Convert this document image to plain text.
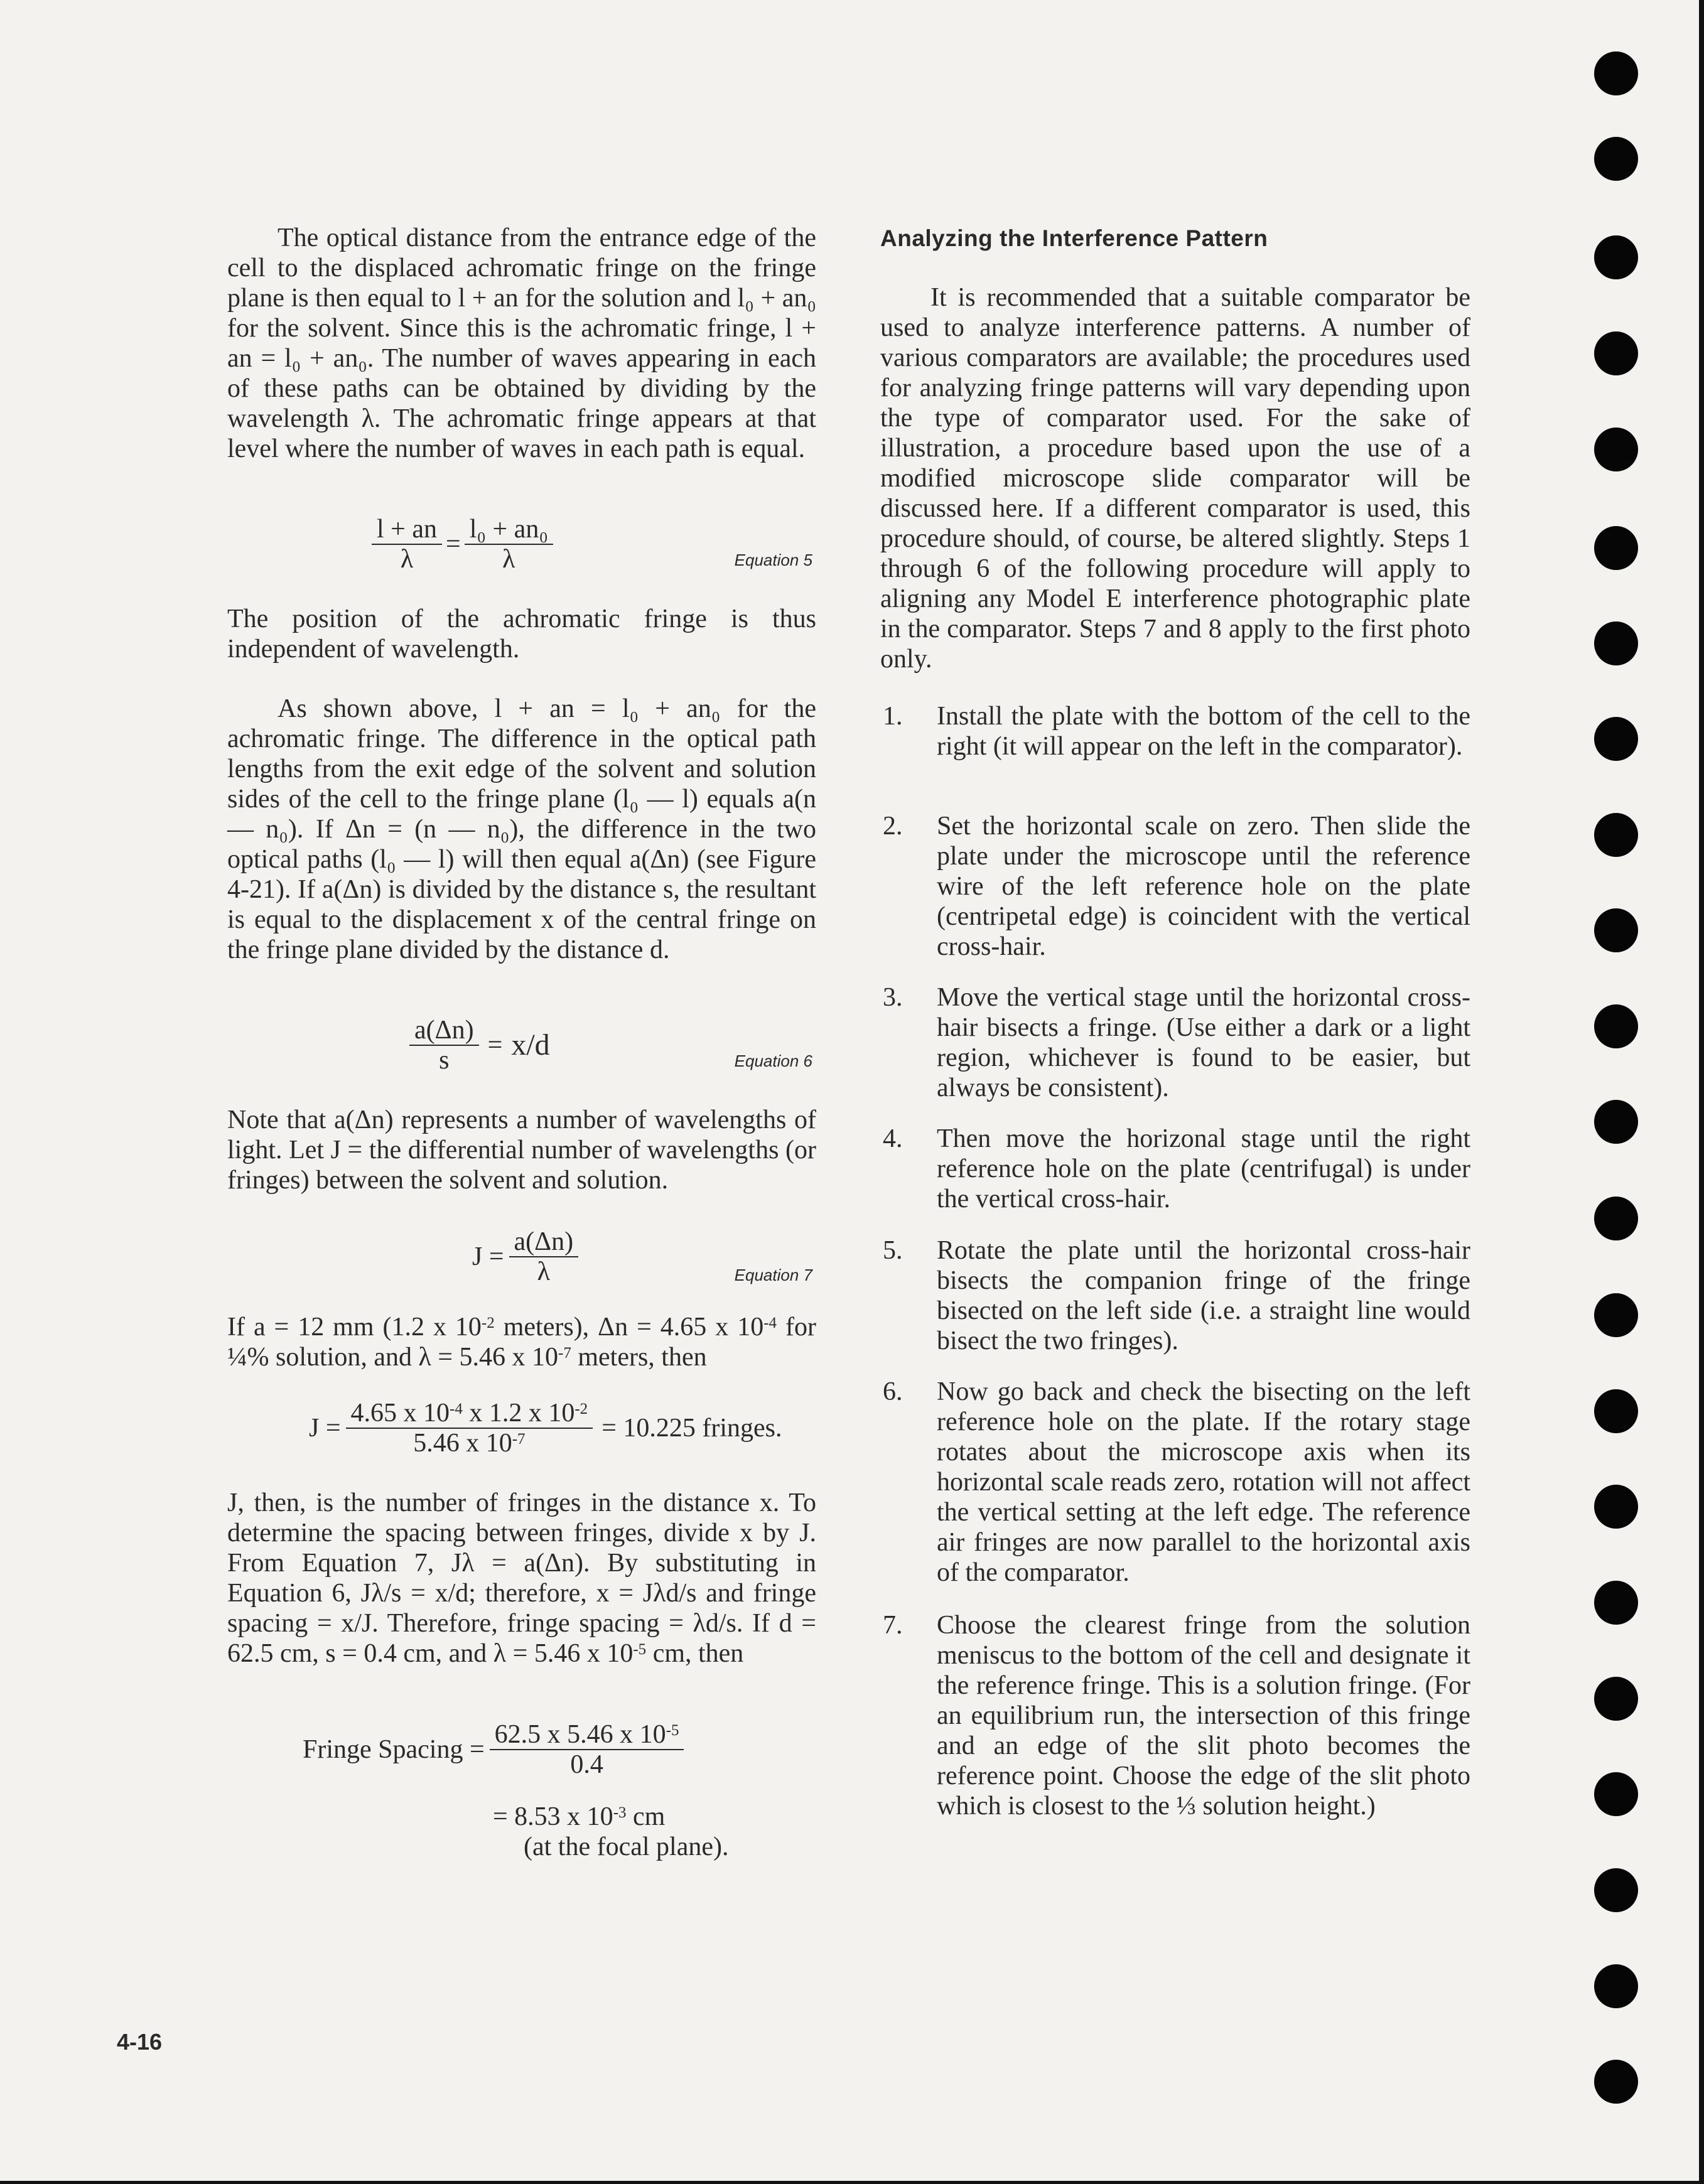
The optical distance from the entrance edge of the cell to the displaced achromatic fringe on the fringe plane is then equal to l + an for the solution and l₀ + an₀ for the solvent. Since this is the achromatic fringe, l + an = l₀ + an₀. The number of waves appearing in each of these paths can be obtained by dividing by the wavelength λ. The achromatic fringe appears at that level where the number of waves in each path is equal.

$\frac{l + an}{\lambda} = \frac{\text{l₀ + an₀}}{\lambda}$	Equation 5

The position of the achromatic fringe is thus independent of wavelength.

As shown above, l + an = l₀ + an₀ for the achromatic fringe. The difference in the optical path lengths from the exit edge of the solvent and solution sides of the cell to the fringe plane (l₀ — l) equals a(n — n₀). If Δn = (n — n₀), the difference in the two optical paths (l₀ — l) will then equal a(Δn) (see Figure 4-21). If a(Δn) is divided by the distance s, the resultant is equal to the displacement x of the central fringe on the fringe plane divided by the distance d.

$\frac{a(\Delta n)}{s} = x/d$	Equation 6

Note that a(Δn) represents a number of wavelengths of light. Let J = the differential number of wavelengths (or fringes) between the solvent and solution.

$J = \frac{a(\Delta n)}{\lambda}$	Equation 7

If a = 12 mm (1.2 x $10^{-2}$ meters), Δn = 4.65 x $10^{-4}$ for ¼% solution, and λ = 5.46 x $10^{-7}$ meters, then

$J = \frac{4.65 x 10^{-4} x 1.2 x 10^{-2}}{5.46 x 10^{-7}} = 10.225$ fringes.

J, then, is the number of fringes in the distance x. To determine the spacing between fringes, divide x by J. From Equation 7, Jλ = a(Δn). By substituting in Equation 6, Jλ/s = x/d; therefore, x = Jλd/s and fringe spacing = x/J. Therefore, fringe spacing = λd/s. If d = 62.5 cm, s = 0.4 cm, and λ = 5.46 x $10^{-5}$ cm, then

Fringe Spacing = $\frac{62.5 x 5.46 x 10^{-5}}{0.4}$
= 8.53 x $10^{-3}$ cm
(at the focal plane).
Analyzing the Interference Pattern

It is recommended that a suitable comparator be used to analyze interference patterns. A number of various comparators are available; the procedures used for analyzing fringe patterns will vary depending upon the type of comparator used. For the sake of illustration, a procedure based upon the use of a modified microscope slide comparator will be discussed here. If a different comparator is used, this procedure should, of course, be altered slightly. Steps 1 through 6 of the following procedure will apply to aligning any Model E interference photographic plate in the comparator. Steps 7 and 8 apply to the first photo only.

1. Install the plate with the bottom of the cell to the right (it will appear on the left in the comparator).
2. Set the horizontal scale on zero. Then slide the plate under the microscope until the reference wire of the left reference hole on the plate (centripetal edge) is coincident with the vertical cross-hair.
3. Move the vertical stage until the horizontal cross-hair bisects a fringe. (Use either a dark or a light region, whichever is found to be easier, but always be consistent).
4. Then move the horizonal stage until the right reference hole on the plate (centrifugal) is under the vertical cross-hair.
5. Rotate the plate until the horizontal cross-hair bisects the companion fringe of the fringe bisected on the left side (i.e. a straight line would bisect the two fringes).
6. Now go back and check the bisecting on the left reference hole on the plate. If the rotary stage rotates about the microscope axis when its horizontal scale reads zero, rotation will not affect the vertical setting at the left edge. The reference air fringes are now parallel to the horizontal axis of the comparator.
7. Choose the clearest fringe from the solution meniscus to the bottom of the cell and designate it the reference fringe. This is a solution fringe. (For an equilibrium run, the intersection of this fringe and an edge of the slit photo becomes the reference point. Choose the edge of the slit photo which is closest to the ⅓ solution height.)
4-16
